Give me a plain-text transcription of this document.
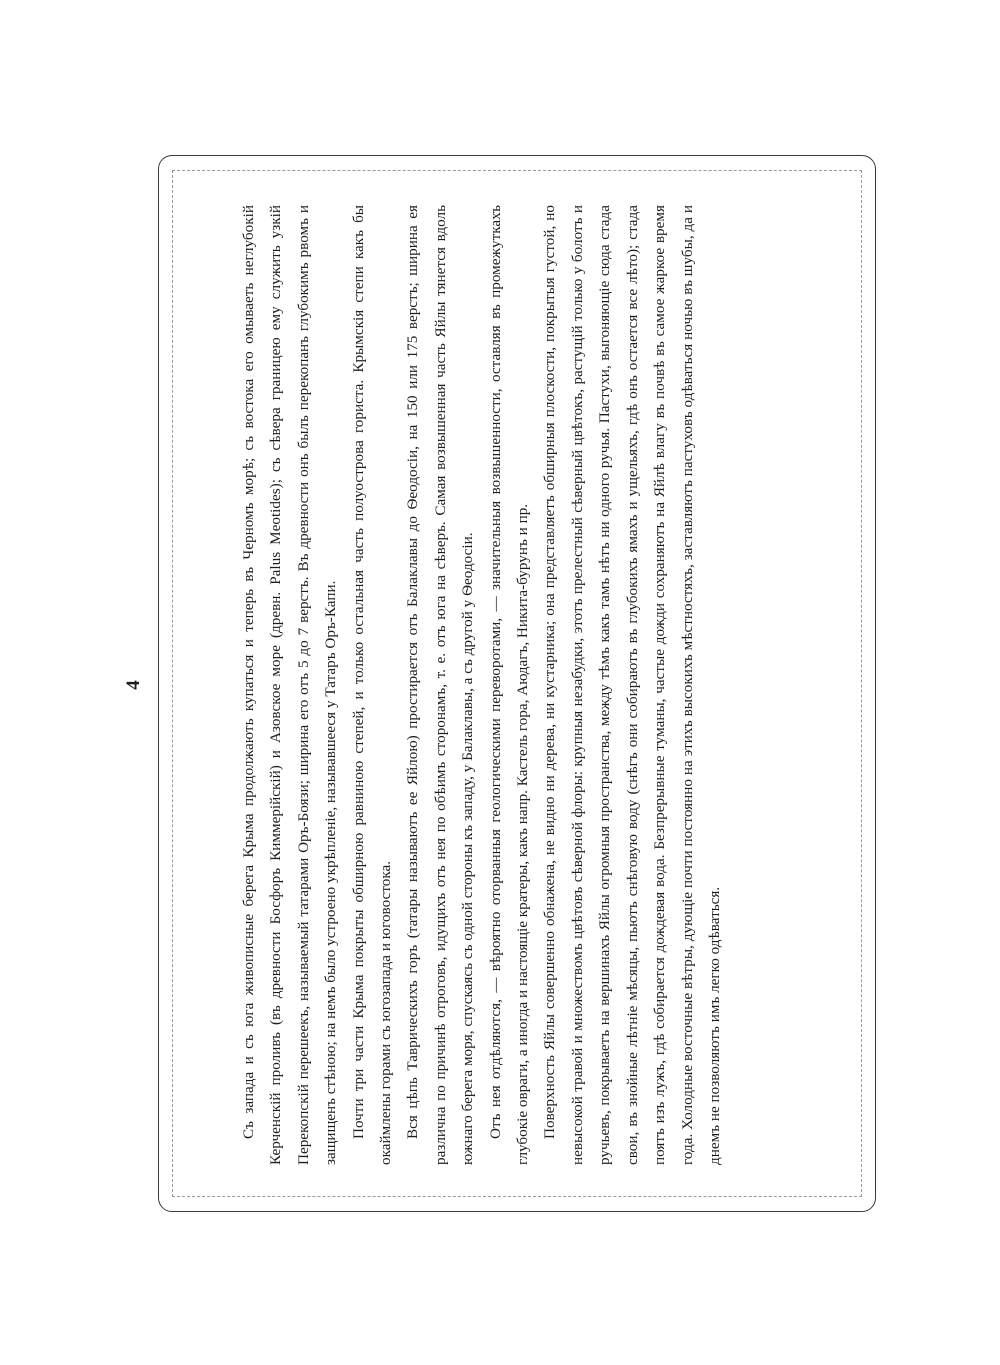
4	Съ запада и съ юга живописные берега Крыма продолжають купаться и теперь въ Черномъ морѣ; съ востока его омываеть неглубокій Керченскій проливъ (въ древности Босфоръ Киммерійскій) и Азовское море (древн. Palus Meotides); съ сѣвера границею ему служить узкій Перекопскій перешеекъ, называемый татарами Оръ-Боязи; ширина его отъ 5 до 7 верстъ. Въ древности онъ былъ перекопанъ глубокимъ рвомъ и защищенъ стѣною; на немъ было устроено укрѣпленіе, называвшееся у Татаръ Оръ-Капи. Почти три части Крыма покрыты обширною равниною степей, и только остальная часть полуострова гориста. Крымскія степи какъ бы окаймлены горами съ югозапада и юговостока. Вся цѣпь Таврическихъ горъ (татары называютъ ее Яйлою) простирается отъ Балаклавы до Ѳеодосіи, на 150 или 175 верстъ; ширина ея различна по причинѣ отроговъ, идущихъ отъ нея по обѣимъ сторонамъ, т. е. отъ юга на сѣверъ. Самая возвышенная часть Яйлы тянется вдоль южнаго берега моря, спускаясь съ одной стороны къ западу, у Балаклавы, а съ другой у Ѳеодосіи. Отъ нея отдѣляются, — вѣроятно оторванныя геологическими переворотами, — значительныя возвышенности, оставляя въ промежуткахъ глубокіе овраги, а иногда и настоящіе кратеры, какъ напр. Кастель гора, Аюдагъ, Никита-бурунъ и пр. Поверхность Яйлы совершенно обнажена, не видно ни дерева, ни кустарника; она представляетъ обширныя плоскости, покрытыя густой, но невысокой травой и множествомъ цвѣтовъ сѣверной флоры: крупныя незабудки, этотъ прелестный сѣверный цвѣтокъ, растущій только у болотъ и ручьевъ, покрываетъ на вершинахъ Яйлы огромныя пространства, между тѣмъ какъ тамъ нѣтъ ни одного ручья. Пастухи, выгоняющіе сюда стада свои, въ знойные лѣтніе мѣсяцы, пьютъ снѣговую воду (снѣгъ они собираютъ въ глубокихъ ямахъ и ущельяхъ, гдѣ онъ остается все лѣто); стада поятъ изъ лужъ, гдѣ собирается дождевая вода. Безпрерывные туманы, частые дожди сохраняютъ на Яйлѣ влагу въ почвѣ въ самое жаркое время года. Холодные восточные вѣтры, дующіе почти постоянно на этихъ высокихъ мѣстностяхъ, заставляютъ пастуховъ одѣваться ночью въ шубы, да и днемъ не позволяютъ имъ легко одѣваться.
